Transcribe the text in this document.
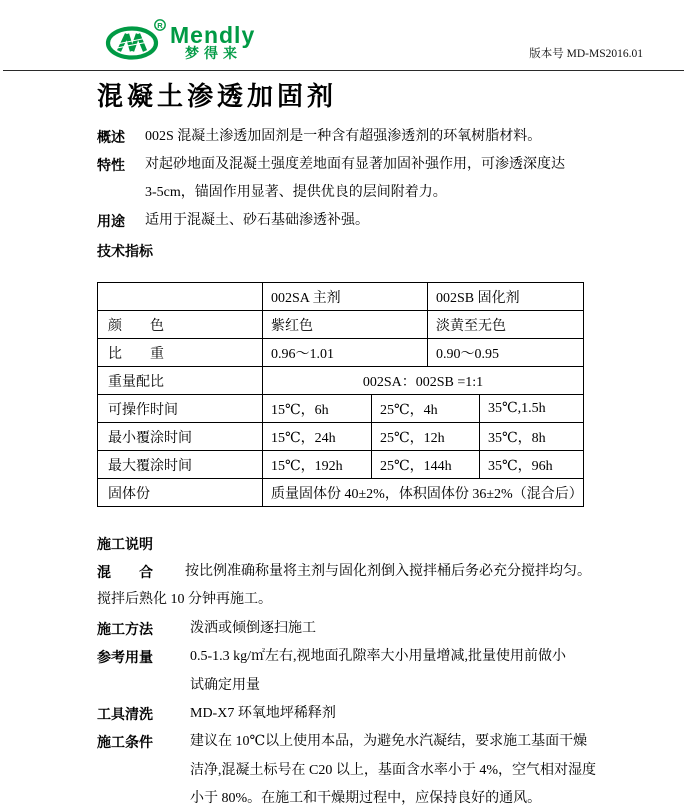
R Mendly
梦得来	版本号 MD-MS2016.01
混凝土渗透加固剂
概述	002S 混凝土渗透加固剂是一种含有超强渗透剂的环氧树脂材料。
特性	对起砂地面及混凝土强度差地面有显著加固补强作用，可渗透深度达
3-5cm，锚固作用显著、提供优良的层间附着力。
用途	适用于混凝土、砂石基础渗透补强。
技术指标
	002SA 主剂		002SB 固化剂	
颜　　色	紫红色		淡黄至无色	
比　　重	0.96～1.01		0.90～0.95	
重量配比	002SA：002SB =1:1			
可操作时间	15℃，6h	25℃，4h		35℃,1.5h
最小覆涂时间	15℃，24h	25℃，12h		35℃，8h
最大覆涂时间	15℃，192h	25℃，144h		35℃，96h
固体份	质量固体份 40±2%，体积固体份 36±2%（混合后）			
施工说明
混　　合	按比例准确称量将主剂与固化剂倒入搅拌桶后务必充分搅拌均匀。
搅拌后熟化 10 分钟再施工。
施工方法	泼洒或倾倒逐扫施工
参考用量	0.5-1.3 kg/㎡左右,视地面孔隙率大小用量增减,批量使用前做小
试确定用量
工具清洗	MD-X7 环氧地坪稀释剂
施工条件	建议在 10℃以上使用本品，为避免水汽凝结，要求施工基面干燥
洁净,混凝土标号在 C20 以上，基面含水率小于 4%，空气相对湿度
小于 80%。在施工和干燥期过程中，应保持良好的通风。
